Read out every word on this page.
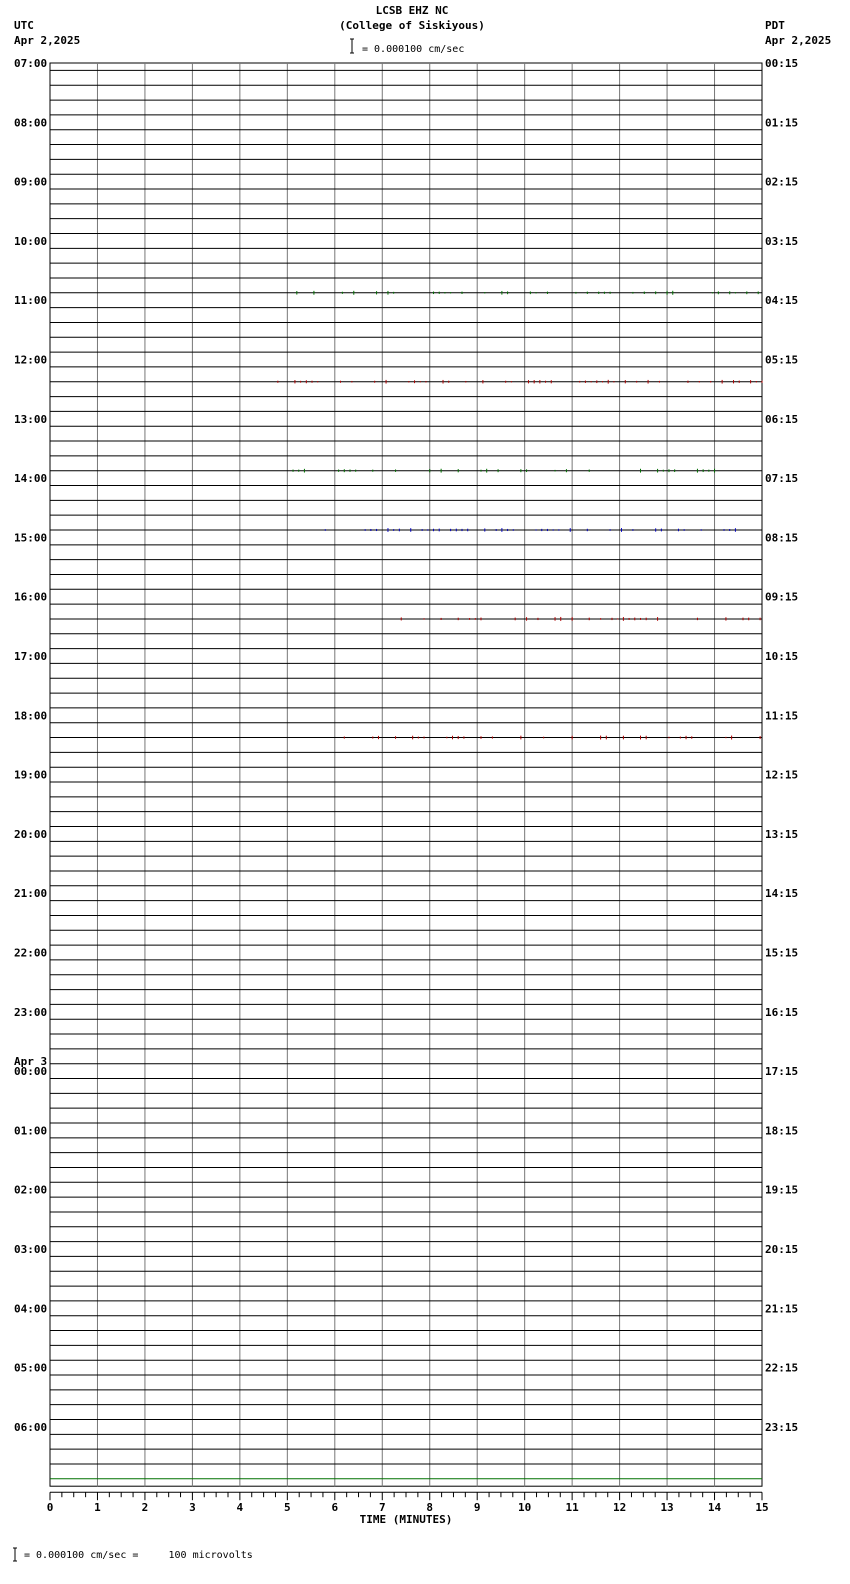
07:00	00:15
08:00	01:15
09:00	02:15
10:00	03:15
11:00	04:15
12:00	05:15
13:00	06:15
14:00	07:15
15:00	08:15
16:00	09:15
17:00	10:15
18:00	11:15
19:00	12:15
20:00	13:15
21:00	14:15
22:00	15:15
23:00	16:15
Apr 3
00:00	17:15
01:00	18:15
02:00	19:15
03:00	20:15
04:00	21:15
05:00	22:15
06:00	23:15
0	1	2	3	4	5	6	7	8	9	10	11	12	13	14	15
TIME (MINUTES)
LCSB EHZ NC
(College of Siskiyous)
= 0.000100 cm/sec
UTC
Apr 2,2025
PDT
Apr 2,2025
= 0.000100 cm/sec =     100 microvolts
